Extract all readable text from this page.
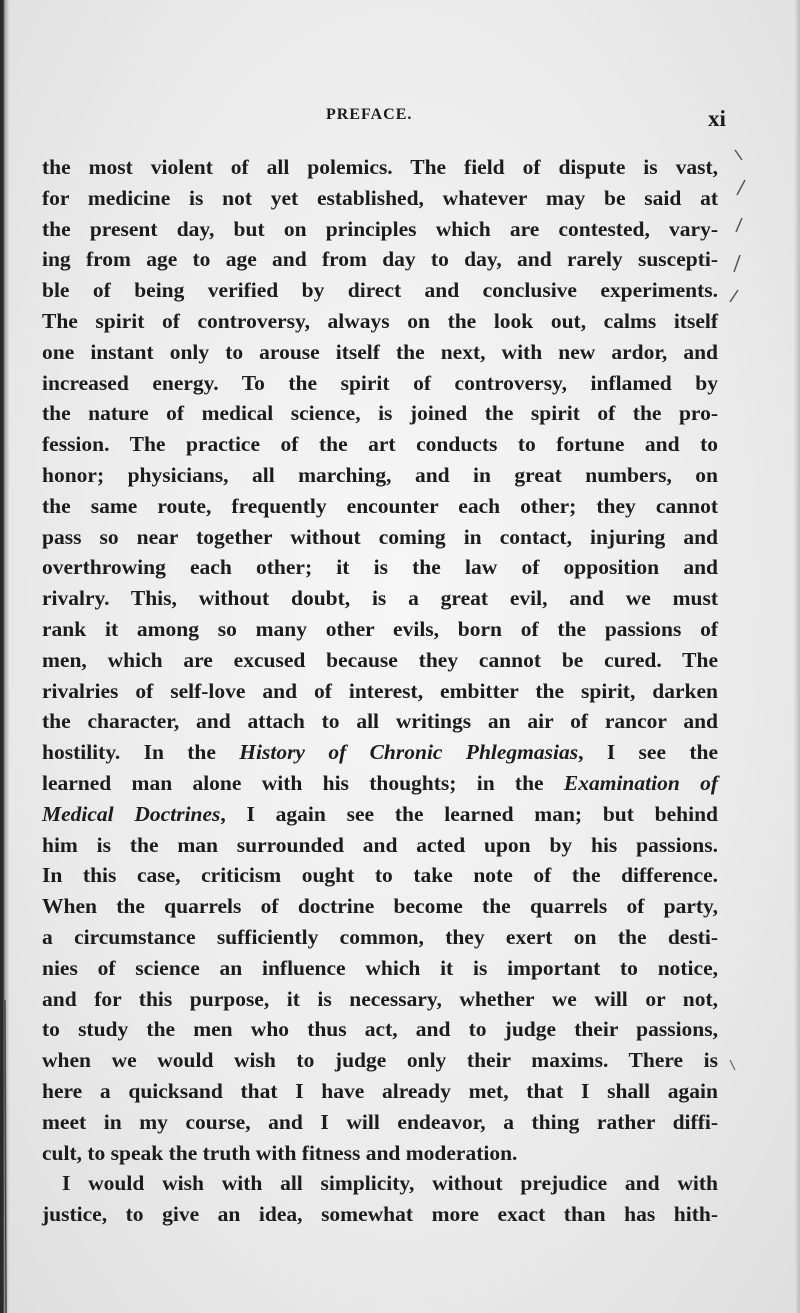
PREFACE.	xi
the most violent of all polemics. The field of dispute is vast,
for medicine is not yet established, whatever may be said at
the present day, but on principles which are contested, vary-
ing from age to age and from day to day, and rarely suscepti-
ble of being verified by direct and conclusive experiments.
The spirit of controversy, always on the look out, calms itself
one instant only to arouse itself the next, with new ardor, and
increased energy. To the spirit of controversy, inflamed by
the nature of medical science, is joined the spirit of the pro-
fession. The practice of the art conducts to fortune and to
honor; physicians, all marching, and in great numbers, on
the same route, frequently encounter each other; they cannot
pass so near together without coming in contact, injuring and
overthrowing each other; it is the law of opposition and
rivalry. This, without doubt, is a great evil, and we must
rank it among so many other evils, born of the passions of
men, which are excused because they cannot be cured. The
rivalries of self-love and of interest, embitter the spirit, darken
the character, and attach to all writings an air of rancor and
hostility. In the History of Chronic Phlegmasias, I see the
learned man alone with his thoughts; in the Examination of
Medical Doctrines, I again see the learned man; but behind
him is the man surrounded and acted upon by his passions.
In this case, criticism ought to take note of the difference.
When the quarrels of doctrine become the quarrels of party,
a circumstance sufficiently common, they exert on the desti-
nies of science an influence which it is important to notice,
and for this purpose, it is necessary, whether we will or not,
to study the men who thus act, and to judge their passions,
when we would wish to judge only their maxims. There is
here a quicksand that I have already met, that I shall again
meet in my course, and I will endeavor, a thing rather diffi-
cult, to speak the truth with fitness and moderation.
I would wish with all simplicity, without prejudice and with
justice, to give an idea, somewhat more exact than has hith-
